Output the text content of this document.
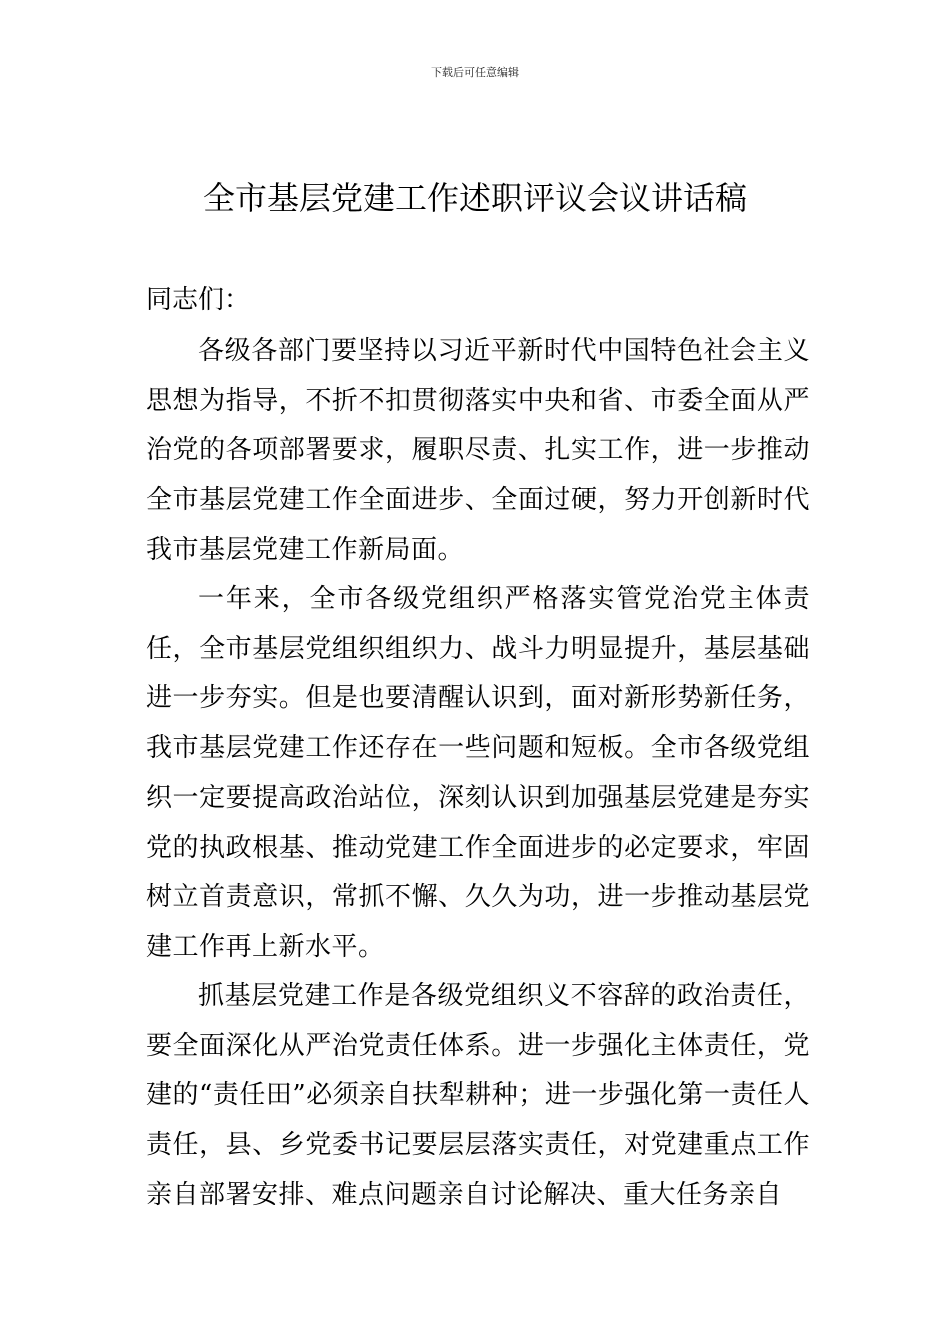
下载后可任意编辑
全市基层党建工作述职评议会议讲话稿
同志们：
各级各部门要坚持以习近平新时代中国特色社会主义思想为指导，不折不扣贯彻落实中央和省、市委全面从严治党的各项部署要求，履职尽责、扎实工作，进一步推动全市基层党建工作全面进步、全面过硬，努力开创新时代我市基层党建工作新局面。
一年来，全市各级党组织严格落实管党治党主体责任，全市基层党组织组织力、战斗力明显提升，基层基础进一步夯实。但是也要清醒认识到，面对新形势新任务，我市基层党建工作还存在一些问题和短板。全市各级党组织一定要提高政治站位，深刻认识到加强基层党建是夯实党的执政根基、推动党建工作全面进步的必定要求，牢固树立首责意识，常抓不懈、久久为功，进一步推动基层党建工作再上新水平。
抓基层党建工作是各级党组织义不容辞的政治责任，要全面深化从严治党责任体系。进一步强化主体责任，党建的“责任田”必须亲自扶犁耕种；进一步强化第一责任人责任，县、乡党委书记要层层落实责任，对党建重点工作亲自部署安排、难点问题亲自讨论解决、重大任务亲自
